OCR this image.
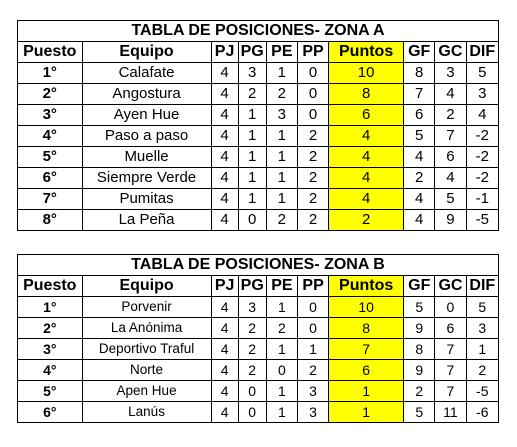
TABLA DE POSICIONES- ZONA A									
Puesto	Equipo	PJ	PG	PE	PP	Puntos	GF	GC	DIF
1°	Calafate	4	3	1	0	10	8	3	5
2°	Angostura	4	2	2	0	8	7	4	3
3°	Ayen Hue	4	1	3	0	6	6	2	4
4°	Paso a paso	4	1	1	2	4	5	7	-2
5°	Muelle	4	1	1	2	4	4	6	-2
6°	Siempre Verde	4	1	1	2	4	2	4	-2
7°	Pumitas	4	1	1	2	4	4	5	-1
8°	La Peña	4	0	2	2	2	4	9	-5
TABLA DE POSICIONES- ZONA B									
Puesto	Equipo	PJ	PG	PE	PP	Puntos	GF	GC	DIF
1°	Porvenir	4	3	1	0	10	5	0	5
2°	La Anónima	4	2	2	0	8	9	6	3
3°	Deportivo Traful	4	2	1	1	7	8	7	1
4°	Norte	4	2	0	2	6	9	7	2
5°	Apen Hue	4	0	1	3	1	2	7	-5
6°	Lanús	4	0	1	3	1	5	11	-6
